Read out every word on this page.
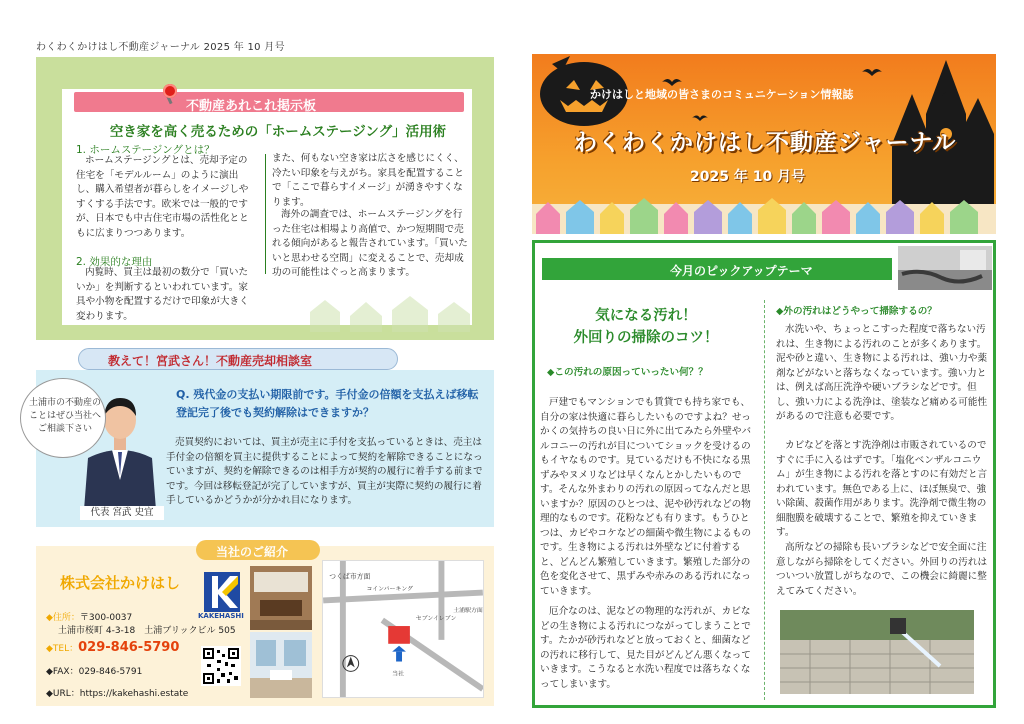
わくわくかけはし不動産ジャーナル 2025 年 10 月号
不動産あれこれ掲示板
空き家を高く売るための「ホームステージング」活用術
1. ホームステージングとは？
ホームステージングとは、売却予定の住宅を「モデルルーム」のように演出し、購入希望者が暮らしをイメージしやすくする手法です。欧米では一般的ですが、日本でも中古住宅市場の活性化とともに広まりつつあります。
2. 効果的な理由
内覧時、買主は最初の数分で「買いたいか」を判断するといわれています。家具や小物を配置するだけで印象が大きく変わります。
また、何もない空き家は広さを感じにくく、冷たい印象を与えがち。家具を配置することで「ここで暮らすイメージ」が湧きやすくなります。
海外の調査では、ホームステージングを行った住宅は相場より高値で、かつ短期間で売れる傾向があると報告されています。「買いたいと思わせる空間」に変えることで、売却成功の可能性はぐっと高まります。
教えて！宮武さん！不動産売却相談室
代表 宮武 史宜
土浦市の不動産のことはぜひ当社へご相談下さい
Q. 残代金の支払い期限前です。手付金の倍額を支払えば移転登記完了後でも契約解除はできますか？
売買契約においては、買主が売主に手付を支払っているときは、売主は手付金の倍額を買主に提供することによって契約を解除できることになっていますが、契約を解除できるのは相手方が契約の履行に着手する前までです。今回は移転登記が完了していますが、買主が実際に契約の履行に着手しているかどうかが分かれ目になります。
当社のご紹介
株式会社かけはし
KAKEHASHI
◆住所：〒300-0037
土浦市桜町 4-3-18　土浦ブリックビル 505
◆TEL：029-846-5790
◆FAX：029-846-5791
◆URL：https://kakehashi.estate
つくば市方面
コインパーキング
土浦駅方面
セブンイレブン
当社
かけはしと地域の皆さまのコミュニケーション情報誌
わくわくかけはし不動産ジャーナル
2025 年 10 月号
今月のピックアップテーマ
気になる汚れ！
外回りの掃除のコツ！
◆この汚れの原因っていったい何？？
戸建でもマンションでも賃貸でも持ち家でも、自分の家は快適に暮らしたいものですよね？せっかくの気持ちの良い日に外に出てみたら外壁やバルコニーの汚れが目についてショックを受けるのもイヤなものです。見ているだけも不快になる黒ずみやヌメリなどは早くなんとかしたいものです。そんな外まわりの汚れの原因ってなんだと思いますか？原因のひとつは、泥や砂汚れなどの物理的なものです。花粉なども有ります。もうひとつは、カビやコケなどの細菌や微生物によるものです。生き物による汚れは外壁などに付着すると、どんどん繁殖していきます。繁殖した部分の色を変化させて、黒ずみや赤みのある汚れになっていきます。
厄介なのは、泥などの物理的な汚れが、カビなどの生き物による汚れにつながってしまうことです。たかが砂汚れなどと放っておくと、細菌などの汚れに移行して、見た目がどんどん悪くなっていきます。こうなると水洗い程度では落ちなくなってしまいます。
◆外の汚れはどうやって掃除するの？
水洗いや、ちょっとこすった程度で落ちない汚れは、生き物による汚れのことが多くあります。泥や砂と違い、生き物による汚れは、強い力や薬剤などがないと落ちなくなっています。強い力とは、例えば高圧洗浄や硬いブラシなどです。但し、強い力による洗浄は、塗装など痛める可能性があるので注意も必要です。
カビなどを落とす洗浄剤は市販されているのですぐに手に入るはずです。「塩化ベンザルコニウム」が生き物による汚れを落とすのに有効だと言われています。無色である上に、ほぼ無臭で、強い除菌、殺菌作用があります。洗浄剤で微生物の細胞膜を破壊することで、繁殖を抑えていきます。
高所などの掃除も長いブラシなどで安全面に注意しながら掃除をしてください。外回りの汚れはついつい放置しがちなので、この機会に綺麗に整えてみてください。
